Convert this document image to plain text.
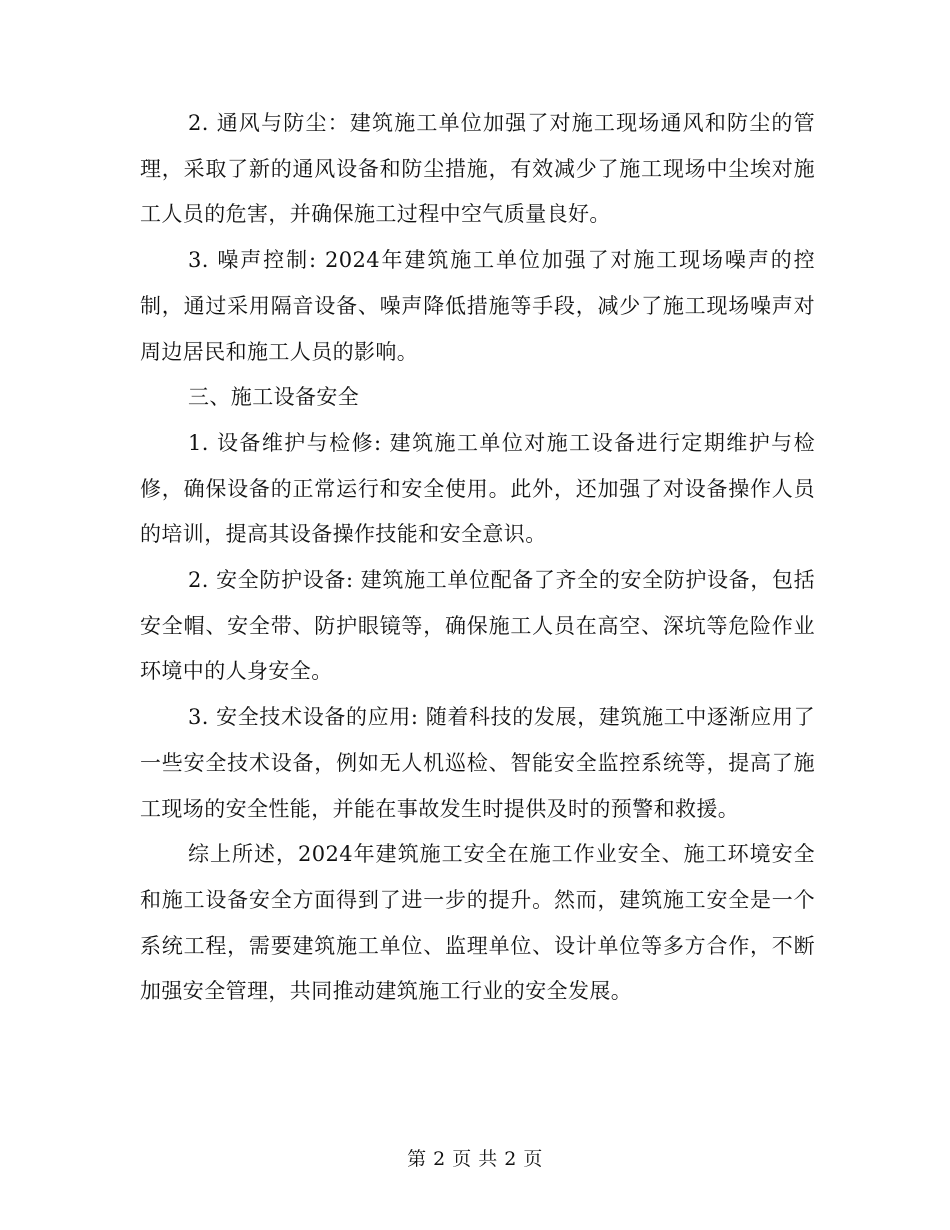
2. 通风与防尘：建筑施工单位加强了对施工现场通风和防尘的管理，采取了新的通风设备和防尘措施，有效减少了施工现场中尘埃对施工人员的危害，并确保施工过程中空气质量良好。

3. 噪声控制: 2024年建筑施工单位加强了对施工现场噪声的控制，通过采用隔音设备、噪声降低措施等手段，减少了施工现场噪声对周边居民和施工人员的影响。

三、施工设备安全

1. 设备维护与检修: 建筑施工单位对施工设备进行定期维护与检修，确保设备的正常运行和安全使用。此外，还加强了对设备操作人员的培训，提高其设备操作技能和安全意识。

2. 安全防护设备: 建筑施工单位配备了齐全的安全防护设备，包括安全帽、安全带、防护眼镜等，确保施工人员在高空、深坑等危险作业环境中的人身安全。

3. 安全技术设备的应用: 随着科技的发展，建筑施工中逐渐应用了一些安全技术设备，例如无人机巡检、智能安全监控系统等，提高了施工现场的安全性能，并能在事故发生时提供及时的预警和救援。

综上所述，2024年建筑施工安全在施工作业安全、施工环境安全和施工设备安全方面得到了进一步的提升。然而，建筑施工安全是一个系统工程，需要建筑施工单位、监理单位、设计单位等多方合作，不断加强安全管理，共同推动建筑施工行业的安全发展。

第 2 页 共 2 页
